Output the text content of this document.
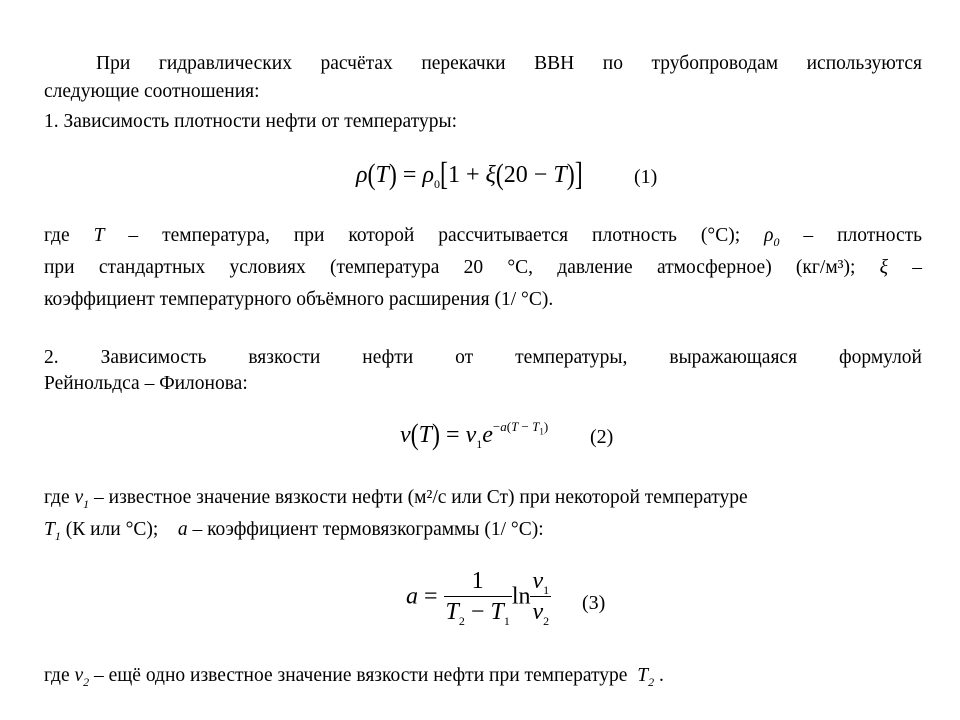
При гидравлических расчётах перекачки ВВН по трубопроводам используются
следующие соотношения:
1. Зависимость плотности нефти от температуры:
$\rho(T) = \rho_0[1 + \xi(20 - T)]$	(1)
где T – температура, при которой рассчитывается плотность (°С); $\rho_0$ – плотность
при стандартных условиях (температура 20 °С, давление атмосферное) (кг/м³); ξ –
коэффициент температурного объёмного расширения (1/ °С).
2. Зависимость вязкости нефти от температуры, выражающаяся формулой
Рейнольдса – Филонова:
$\nu(T) = \nu_1e^{-a(T - T_1)}$ (2)
где $\nu_1$ – известное значение вязкости нефти (м²/с или Ст) при некоторой температуре
$T_1$ (К или °С); a – коэффициент термовязкограммы (1/ °С):
$a = \frac{1}{T_2 - T_1}$ $\ln \frac{\nu_1}{\nu_2} (3)$
где $\nu_2$ – ещё одно известное значение вязкости нефти при температуре $T_2$ .
